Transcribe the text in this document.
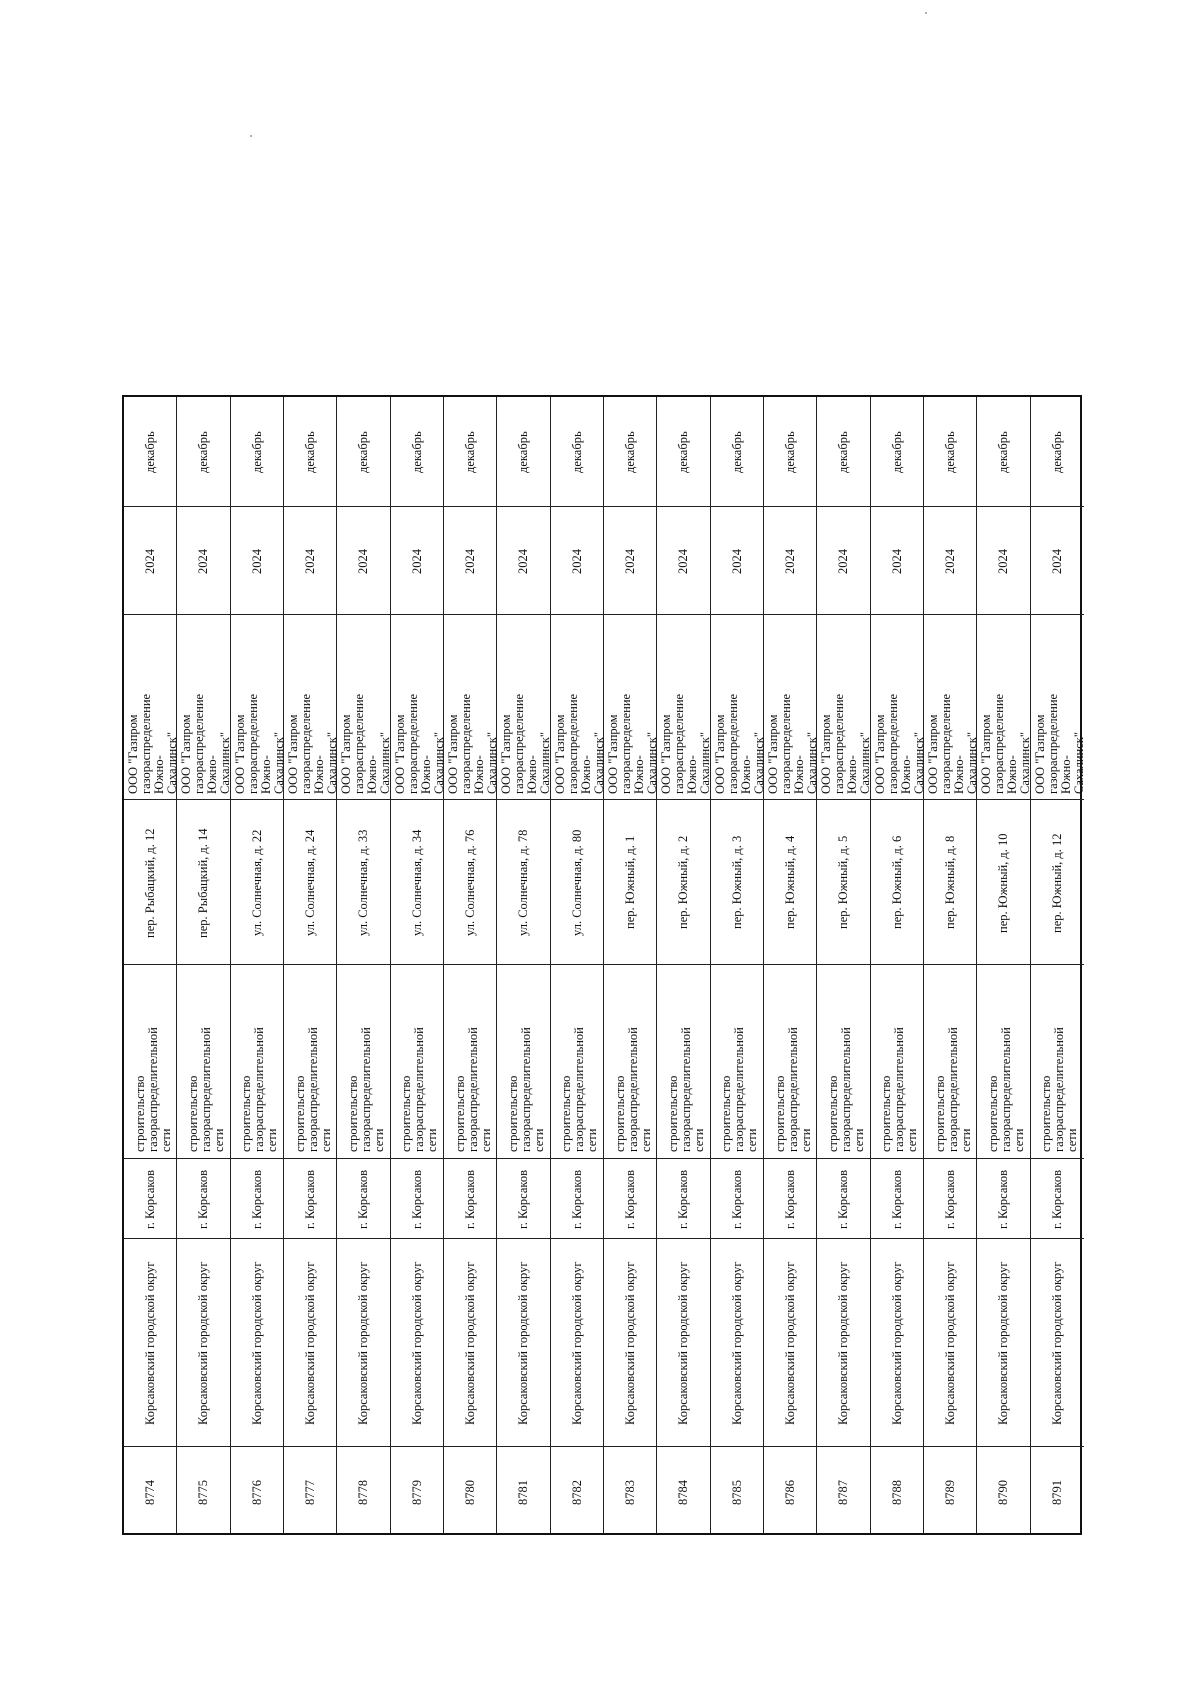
8774
Корсаковский городской округ
г. Корсаков
строительство газораспределительной сети
пер. Рыбацкий, д. 12
ООО "Газпром газораспределение Южно- Сахалинск"
2024
декабрь
8775
Корсаковский городской округ
г. Корсаков
строительство газораспределительной сети
пер. Рыбацкий, д. 14
ООО "Газпром газораспределение Южно- Сахалинск"
2024
декабрь
8776
Корсаковский городской округ
г. Корсаков
строительство газораспределительной сети
ул. Солнечная, д. 22
ООО "Газпром газораспределение Южно- Сахалинск"
2024
декабрь
8777
Корсаковский городской округ
г. Корсаков
строительство газораспределительной сети
ул. Солнечная, д. 24
ООО "Газпром газораспределение Южно- Сахалинск"
2024
декабрь
8778
Корсаковский городской округ
г. Корсаков
строительство газораспределительной сети
ул. Солнечная, д. 33
ООО "Газпром газораспределение Южно- Сахалинск"
2024
декабрь
8779
Корсаковский городской округ
г. Корсаков
строительство газораспределительной сети
ул. Солнечная, д. 34
ООО "Газпром газораспределение Южно- Сахалинск"
2024
декабрь
8780
Корсаковский городской округ
г. Корсаков
строительство газораспределительной сети
ул. Солнечная, д. 76
ООО "Газпром газораспределение Южно- Сахалинск"
2024
декабрь
8781
Корсаковский городской округ
г. Корсаков
строительство газораспределительной сети
ул. Солнечная, д. 78
ООО "Газпром газораспределение Южно- Сахалинск"
2024
декабрь
8782
Корсаковский городской округ
г. Корсаков
строительство газораспределительной сети
ул. Солнечная, д. 80
ООО "Газпром газораспределение Южно- Сахалинск"
2024
декабрь
8783
Корсаковский городской округ
г. Корсаков
строительство газораспределительной сети
пер. Южный, д. 1
ООО "Газпром газораспределение Южно- Сахалинск"
2024
декабрь
8784
Корсаковский городской округ
г. Корсаков
строительство газораспределительной сети
пер. Южный, д. 2
ООО "Газпром газораспределение Южно- Сахалинск"
2024
декабрь
8785
Корсаковский городской округ
г. Корсаков
строительство газораспределительной сети
пер. Южный, д. 3
ООО "Газпром газораспределение Южно- Сахалинск"
2024
декабрь
8786
Корсаковский городской округ
г. Корсаков
строительство газораспределительной сети
пер. Южный, д. 4
ООО "Газпром газораспределение Южно- Сахалинск"
2024
декабрь
8787
Корсаковский городской округ
г. Корсаков
строительство газораспределительной сети
пер. Южный, д. 5
ООО "Газпром газораспределение Южно- Сахалинск"
2024
декабрь
8788
Корсаковский городской округ
г. Корсаков
строительство газораспределительной сети
пер. Южный, д. 6
ООО "Газпром газораспределение Южно- Сахалинск"
2024
декабрь
8789
Корсаковский городской округ
г. Корсаков
строительство газораспределительной сети
пер. Южный, д. 8
ООО "Газпром газораспределение Южно- Сахалинск"
2024
декабрь
8790
Корсаковский городской округ
г. Корсаков
строительство газораспределительной сети
пер. Южный, д. 10
ООО "Газпром газораспределение Южно- Сахалинск"
2024
декабрь
8791
Корсаковский городской округ
г. Корсаков
строительство газораспределительной сети
пер. Южный, д. 12
ООО "Газпром газораспределение Южно- Сахалинск"
2024
декабрь
